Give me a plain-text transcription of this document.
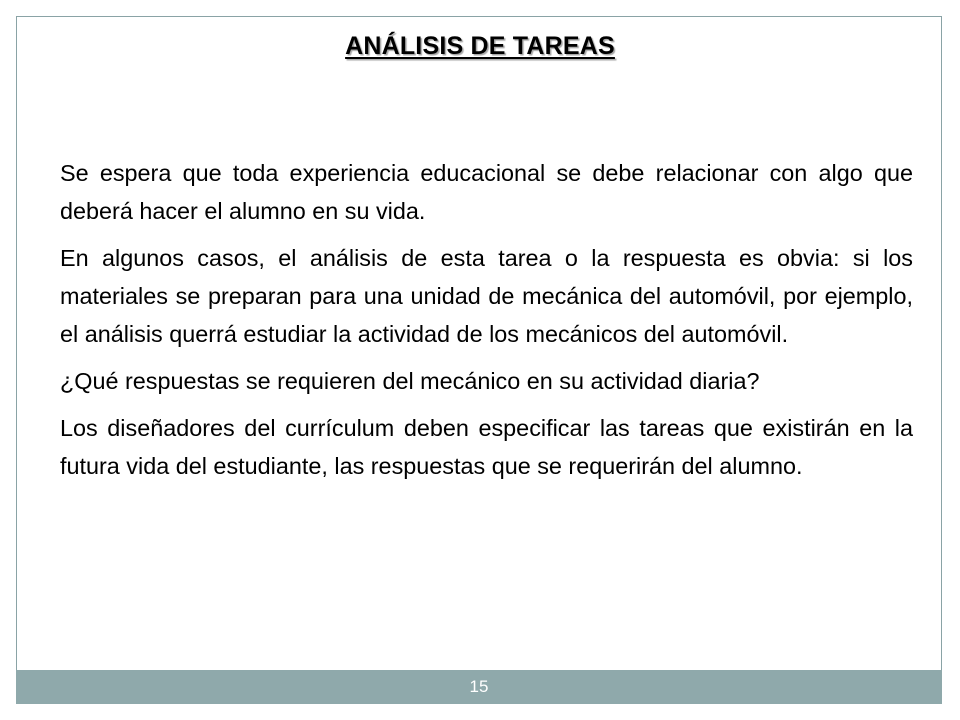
ANÁLISIS DE TAREAS

Se espera que toda experiencia educacional se debe relacionar con algo que deberá hacer el alumno en su vida.

En algunos casos, el análisis de esta tarea o la respuesta es obvia: si los materiales se preparan para una unidad de mecánica del automóvil, por ejemplo, el análisis querrá estudiar la actividad de los mecánicos del automóvil.

¿Qué respuestas se requieren del mecánico en su actividad diaria?

Los diseñadores del currículum deben especificar las tareas que existirán en la futura vida del estudiante, las respuestas que se requerirán del alumno.

15
